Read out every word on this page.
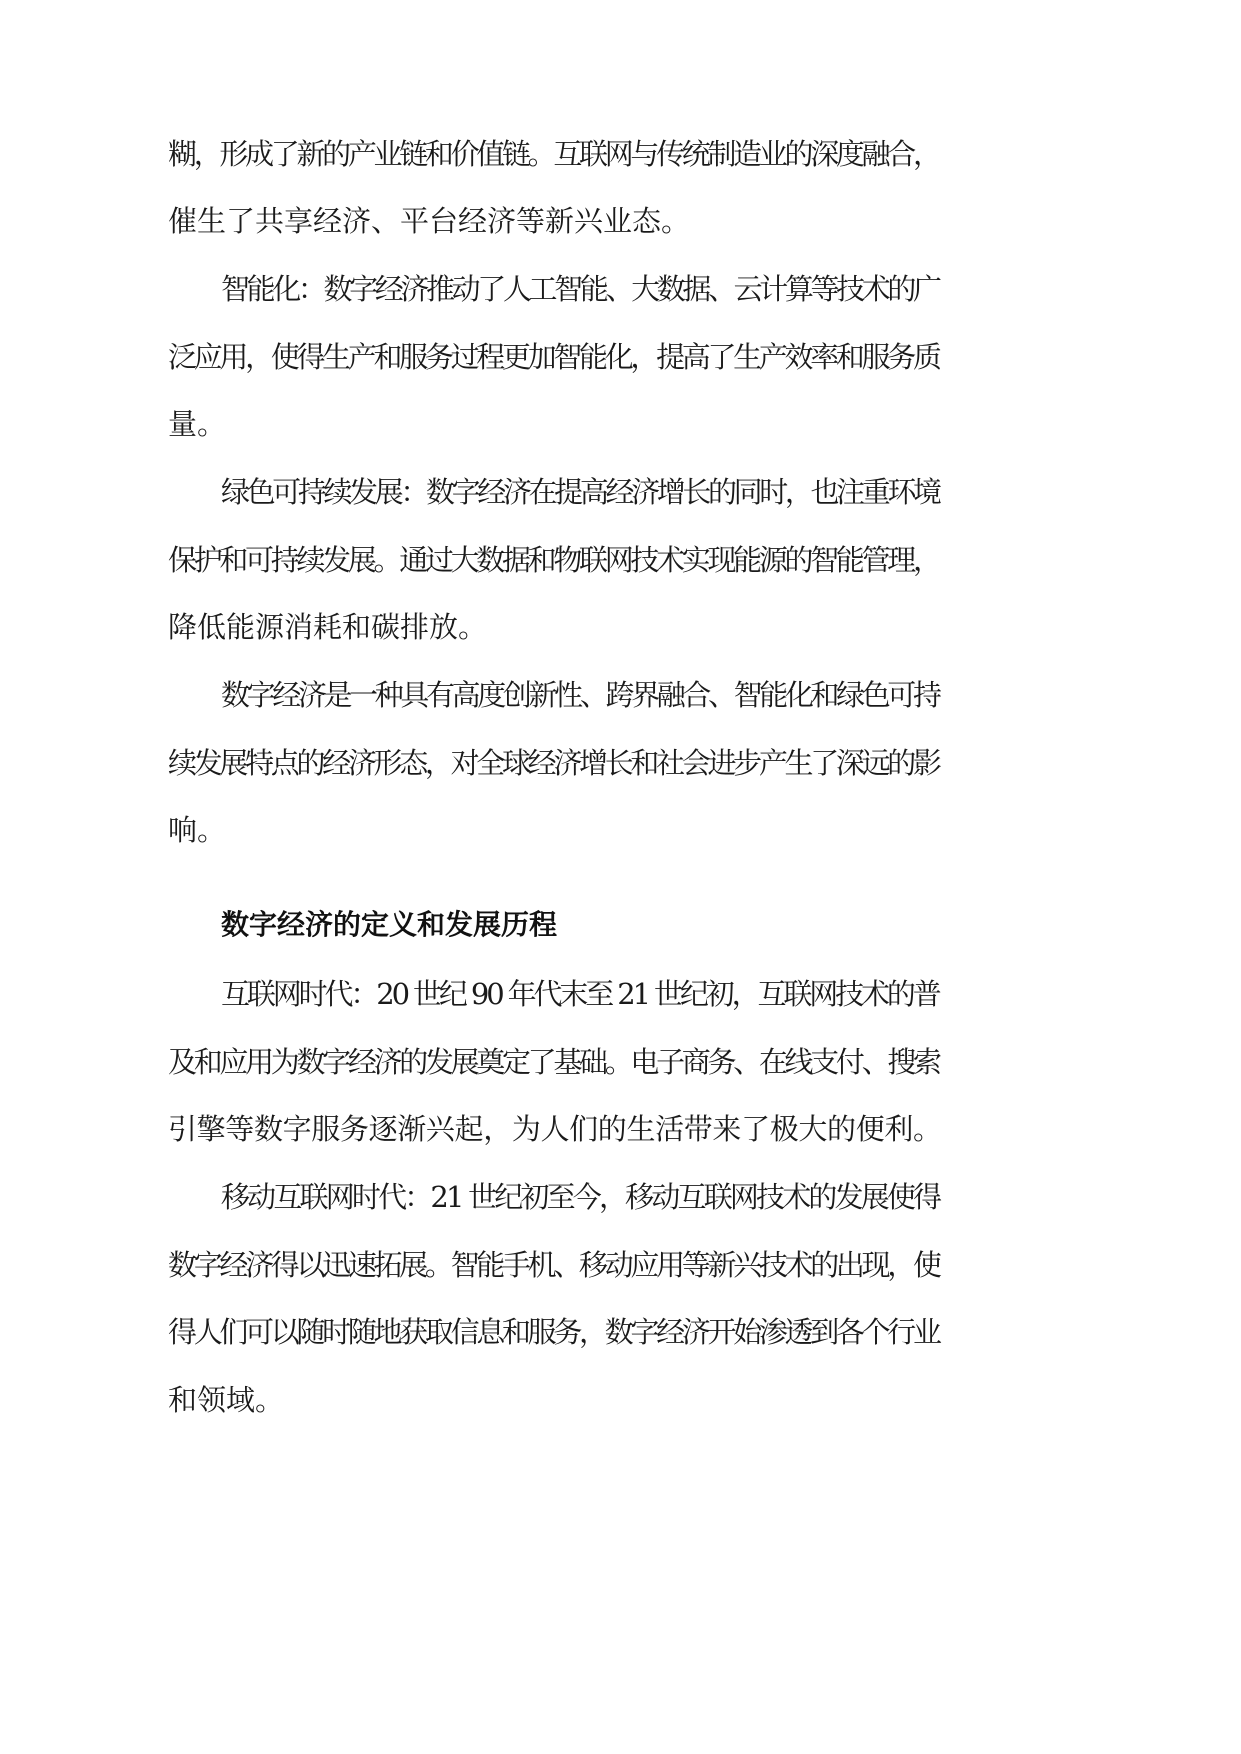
糊，形成了新的产业链和价值链。互联网与传统制造业的深度融合，
催生了共享经济、平台经济等新兴业态。
智能化：数字经济推动了人工智能、大数据、云计算等技术的广
泛应用，使得生产和服务过程更加智能化，提高了生产效率和服务质
量。
绿色可持续发展：数字经济在提高经济增长的同时，也注重环境
保护和可持续发展。通过大数据和物联网技术实现能源的智能管理，
降低能源消耗和碳排放。
数字经济是一种具有高度创新性、跨界融合、智能化和绿色可持
续发展特点的经济形态，对全球经济增长和社会进步产生了深远的影
响。
数字经济的定义和发展历程
互联网时代：20 世纪 90 年代末至 21 世纪初，互联网技术的普
及和应用为数字经济的发展奠定了基础。电子商务、在线支付、搜索
引擎等数字服务逐渐兴起，为人们的生活带来了极大的便利。
移动互联网时代：21 世纪初至今，移动互联网技术的发展使得
数字经济得以迅速拓展。智能手机、移动应用等新兴技术的出现，使
得人们可以随时随地获取信息和服务，数字经济开始渗透到各个行业
和领域。
